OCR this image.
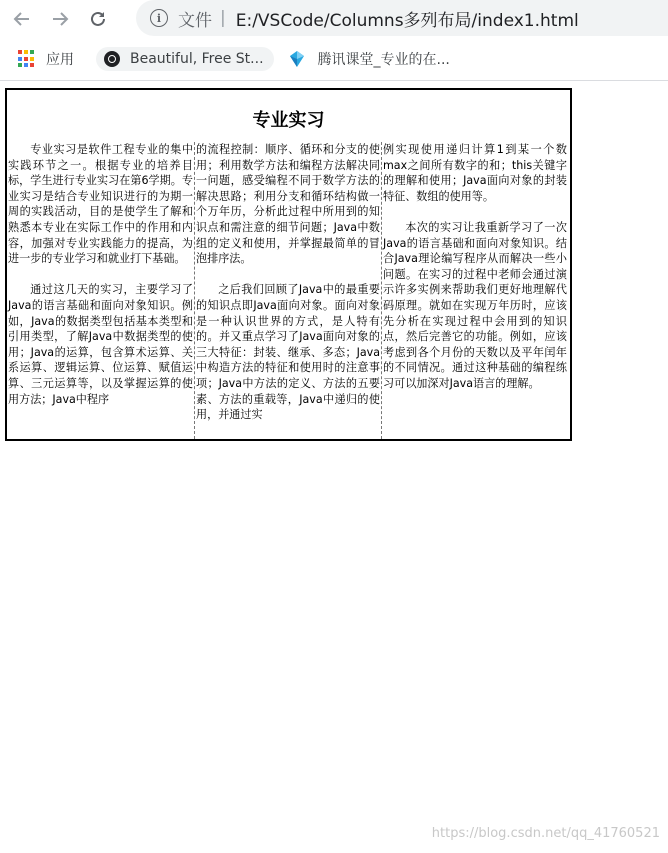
i 文件 | E:/VSCode/Columns多列布局/index1.html
应用	Beautiful, Free St...	腾讯课堂_专业的在...
专业实习

专业实习是软件工程专业的集中实践环节之一。根据专业的培养目标，学生进行专业实习在第6学期。专业实习是结合专业知识进行的为期一周的实践活动，目的是使学生了解和熟悉本专业在实际工作中的作用和内容，加强对专业实践能力的提高，为进一步的专业学习和就业打下基础。

通过这几天的实习，主要学习了Java的语言基础和面向对象知识。例如，Java的数据类型包括基本类型和引用类型，了解Java中数据类型的使用；Java的运算，包含算术运算、关系运算、逻辑运算、位运算、赋值运算、三元运算等，以及掌握运算的使用方法；Java中程序

的流程控制：顺序、循环和分支的使用；利用数学方法和编程方法解决同一问题，感受编程不同于数学方法的解决思路；利用分支和循环结构做一个万年历，分析此过程中所用到的知识点和需注意的细节问题；Java中数组的定义和使用，并掌握最简单的冒泡排序法。

之后我们回顾了Java中的最重要的知识点即Java面向对象。面向对象是一种认识世界的方式，是人特有的。并又重点学习了Java面向对象的三大特征：封装、继承、多态；Java中构造方法的特征和使用时的注意事项；Java中方法的定义、方法的五要素、方法的重载等，Java中递归的使用，并通过实

例实现使用递归计算1到某一个数max之间所有数字的和；this关键字的理解和使用；Java面向对象的封装特征、数组的使用等。

本次的实习让我重新学习了一次Java的语言基础和面向对象知识。结合Java理论编写程序从而解决一些小问题。在实习的过程中老师会通过演示许多实例来帮助我们更好地理解代码原理。就如在实现万年历时，应该先分析在实现过程中会用到的知识点，然后完善它的功能。例如，应该考虑到各个月份的天数以及平年闰年的不同情况。通过这种基础的编程练习可以加深对Java语言的理解。

https://blog.csdn.net/qq_41760521
